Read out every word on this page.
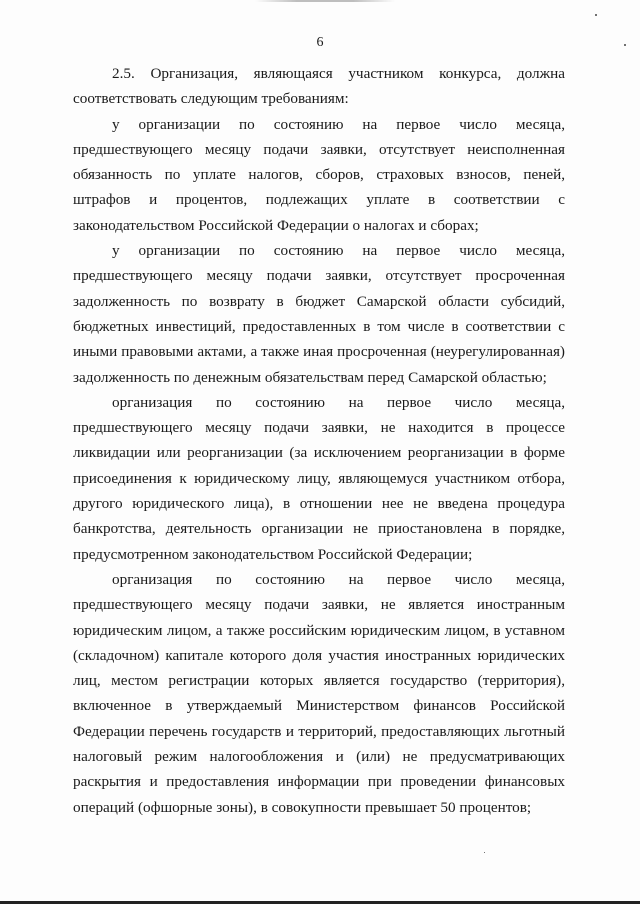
6

2.5. Организация, являющаяся участником конкурса, должна соответствовать следующим требованиям:

у организации по состоянию на первое число месяца, предшествующего месяцу подачи заявки, отсутствует неисполненная обязанность по уплате налогов, сборов, страховых взносов, пеней, штрафов и процентов, подлежащих уплате в соответствии с законодательством Российской Федерации о налогах и сборах;

у организации по состоянию на первое число месяца, предшествующего месяцу подачи заявки, отсутствует просроченная задолженность по возврату в бюджет Самарской области субсидий, бюджетных инвестиций, предоставленных в том числе в соответствии с иными правовыми актами, а также иная просроченная (неурегулированная) задолженность по денежным обязательствам перед Самарской областью;

организация по состоянию на первое число месяца, предшествующего месяцу подачи заявки, не находится в процессе ликвидации или реорганизации (за исключением реорганизации в форме присоединения к юридическому лицу, являющемуся участником отбора, другого юридического лица), в отношении нее не введена процедура банкротства, деятельность организации не приостановлена в порядке, предусмотренном законодательством Российской Федерации;

организация по состоянию на первое число месяца, предшествующего месяцу подачи заявки, не является иностранным юридическим лицом, а также российским юридическим лицом, в уставном (складочном) капитале которого доля участия иностранных юридических лиц, местом регистрации которых является государство (территория), включенное в утверждаемый Министерством финансов Российской Федерации перечень государств и территорий, предоставляющих льготный налоговый режим налогообложения и (или) не предусматривающих раскрытия и предоставления информации при проведении финансовых операций (офшорные зоны), в совокупности превышает 50 процентов;
